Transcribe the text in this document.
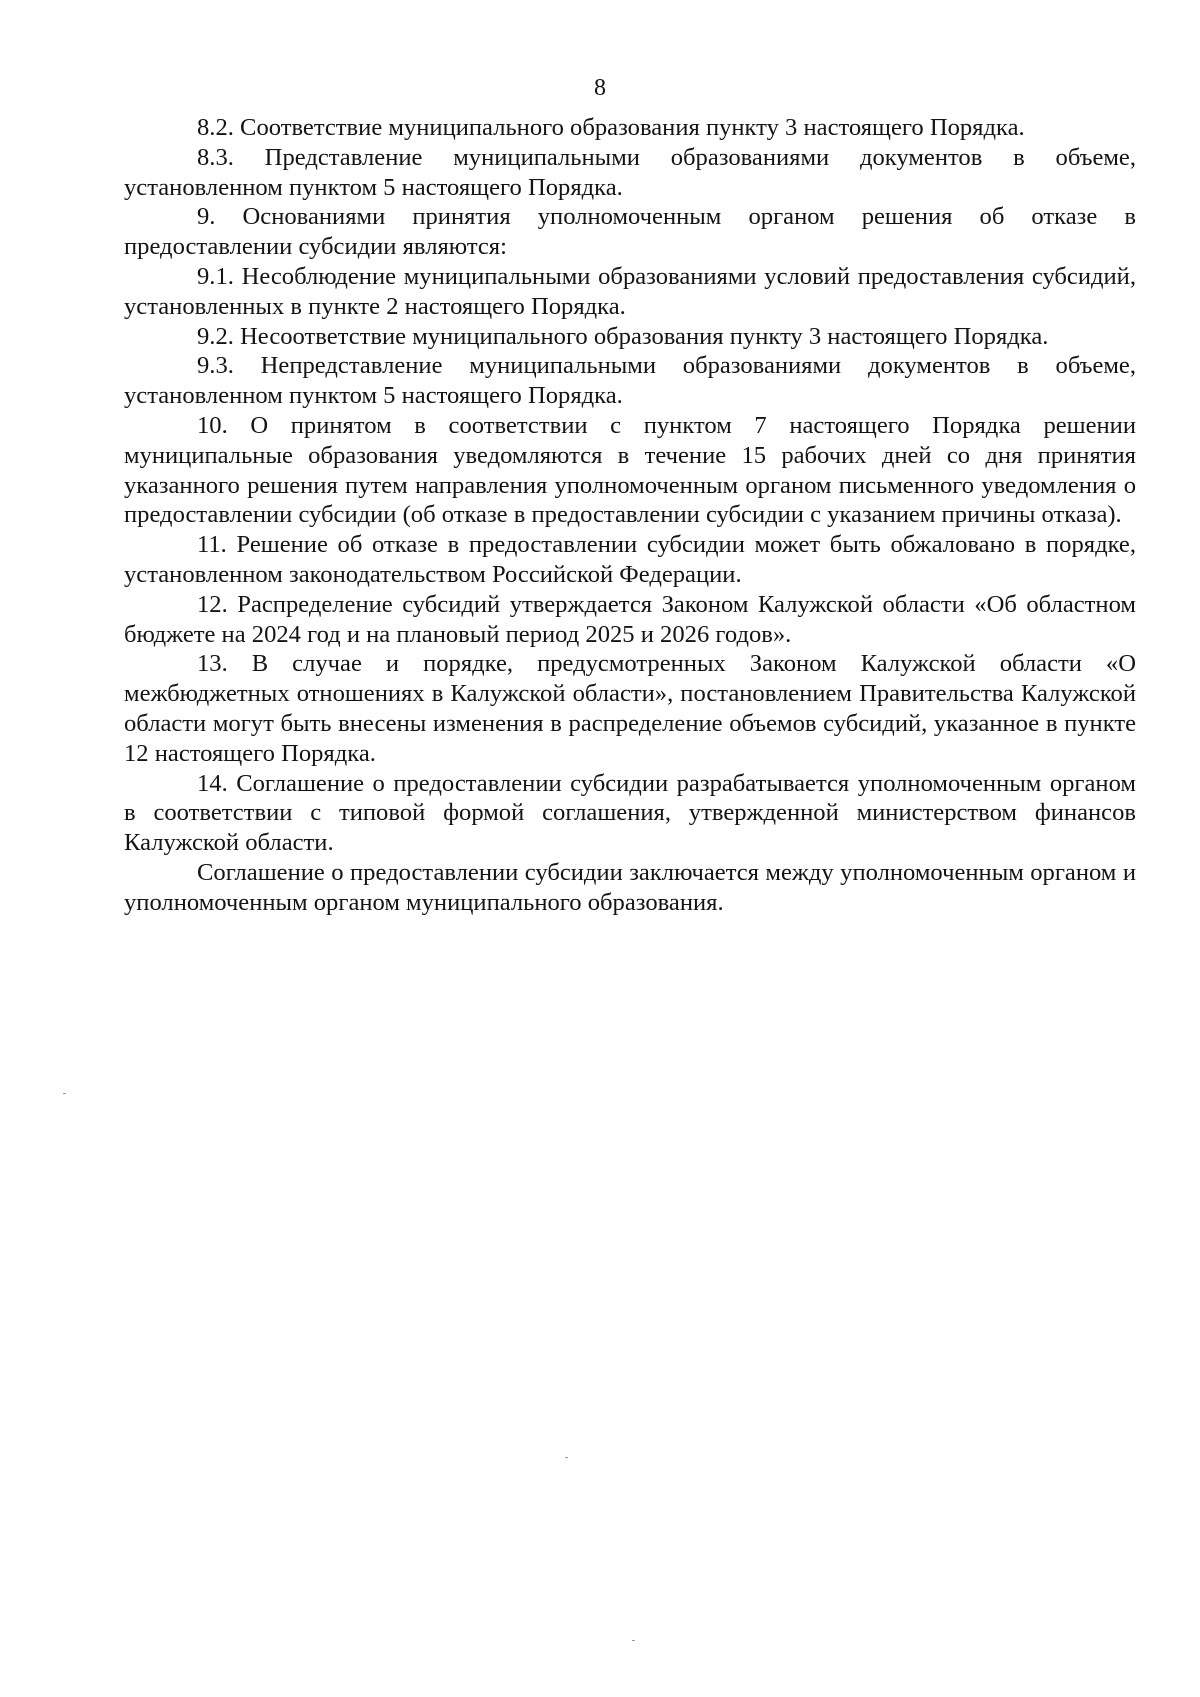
8

8.2. Соответствие муниципального образования пункту 3 настоящего Порядка.

8.3. Представление муниципальными образованиями документов в объеме, установленном пунктом 5 настоящего Порядка.

9. Основаниями принятия уполномоченным органом решения об отказе в предоставлении субсидии являются:

9.1. Несоблюдение муниципальными образованиями условий предоставления субсидий, установленных в пункте 2 настоящего Порядка.

9.2. Несоответствие муниципального образования пункту 3 настоящего Порядка.

9.3. Непредставление муниципальными образованиями документов в объеме, установленном пунктом 5 настоящего Порядка.

10. О принятом в соответствии с пунктом 7 настоящего Порядка решении муниципальные образования уведомляются в течение 15 рабочих дней со дня принятия указанного решения путем направления уполномоченным органом письменного уведомления о предоставлении субсидии (об отказе в предоставлении субсидии с указанием причины отказа).

11. Решение об отказе в предоставлении субсидии может быть обжаловано в порядке, установленном законодательством Российской Федерации.

12. Распределение субсидий утверждается Законом Калужской области «Об областном бюджете на 2024 год и на плановый период 2025 и 2026 годов».

13. В случае и порядке, предусмотренных Законом Калужской области «О межбюджетных отношениях в Калужской области», постановлением Правительства Калужской области могут быть внесены изменения в распределение объемов субсидий, указанное в пункте 12 настоящего Порядка.

14. Соглашение о предоставлении субсидии разрабатывается уполномоченным органом в соответствии с типовой формой соглашения, утвержденной министерством финансов Калужской области.

Соглашение о предоставлении субсидии заключается между уполномоченным органом и уполномоченным органом муниципального образования.
